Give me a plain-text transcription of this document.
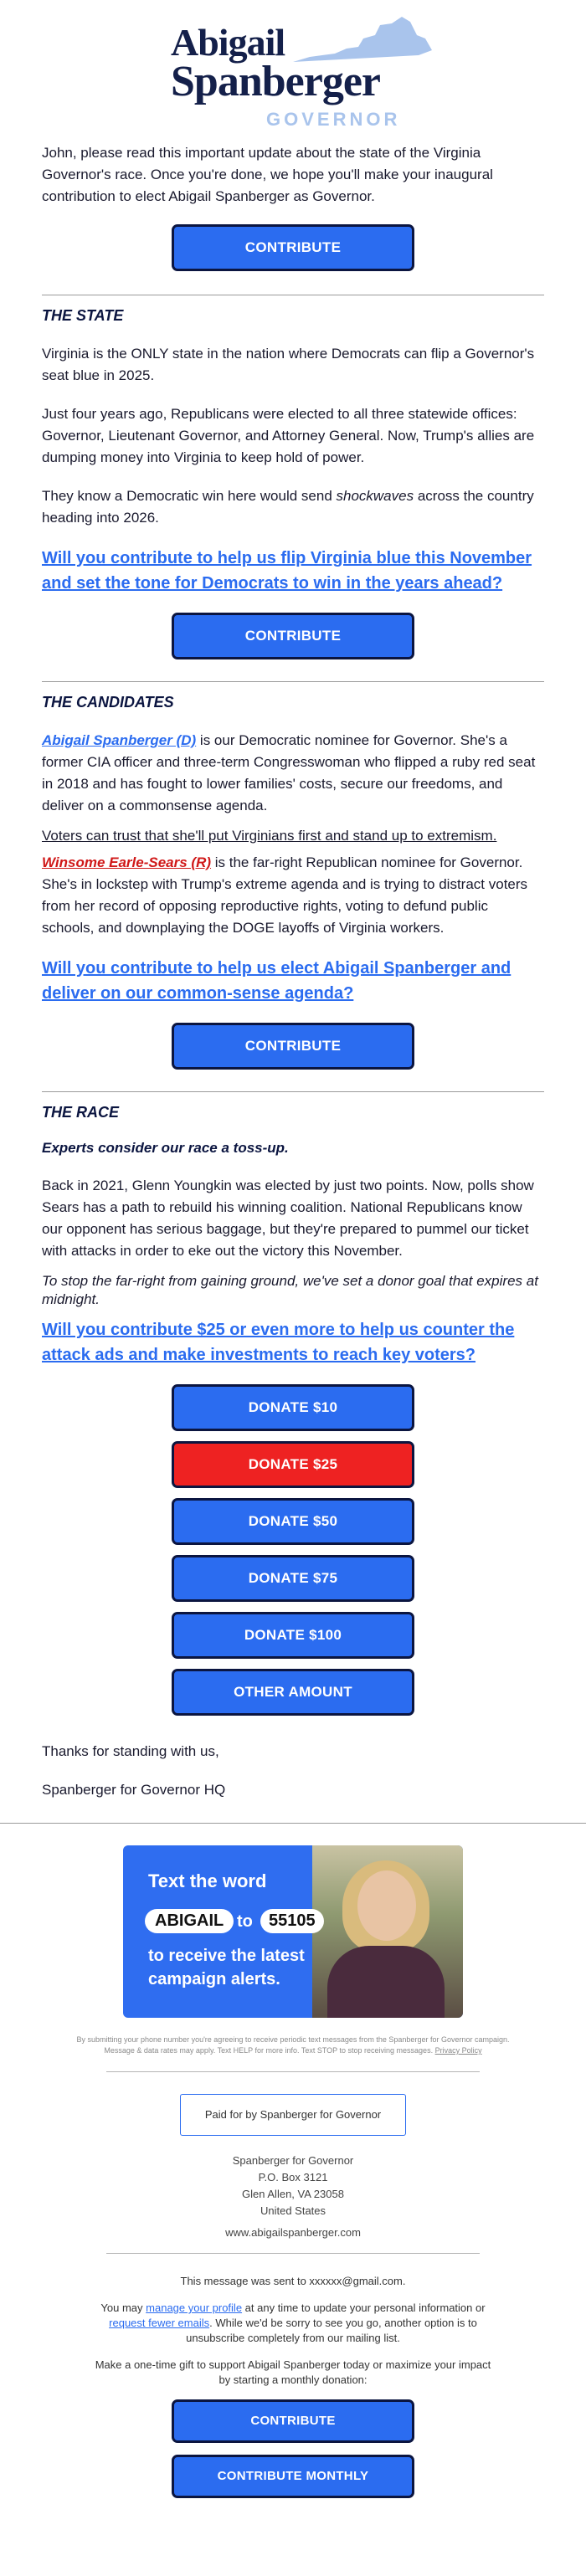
Abigail
Spanberger
GOVERNOR

John, please read this important update about the state of the Virginia Governor's race. Once you're done, we hope you'll make your inaugural contribution to elect Abigail Spanberger as Governor.

CONTRIBUTE
THE STATE

Virginia is the ONLY state in the nation where Democrats can flip a Governor's seat blue in 2025.

Just four years ago, Republicans were elected to all three statewide offices: Governor, Lieutenant Governor, and Attorney General. Now, Trump's allies are dumping money into Virginia to keep hold of power.

They know a Democratic win here would send shockwaves across the country heading into 2026.

Will you contribute to help us flip Virginia blue this November and set the tone for Democrats to win in the years ahead?
CONTRIBUTE
THE CANDIDATES

Abigail Spanberger (D) is our Democratic nominee for Governor. She's a former CIA officer and three-term Congresswoman who flipped a ruby red seat in 2018 and has fought to lower families' costs, secure our freedoms, and deliver on a commonsense agenda.

Voters can trust that she'll put Virginians first and stand up to extremism.

Winsome Earle-Sears (R) is the far-right Republican nominee for Governor. She's in lockstep with Trump's extreme agenda and is trying to distract voters from her record of opposing reproductive rights, voting to defund public schools, and downplaying the DOGE layoffs of Virginia workers.

Will you contribute to help us elect Abigail Spanberger and deliver on our common-sense agenda?
CONTRIBUTE
THE RACE
Experts consider our race a toss-up.

Back in 2021, Glenn Youngkin was elected by just two points. Now, polls show Sears has a path to rebuild his winning coalition. National Republicans know our opponent has serious baggage, but they're prepared to pummel our ticket with attacks in order to eke out the victory this November.

To stop the far-right from gaining ground, we've set a donor goal that expires at midnight.

Will you contribute $25 or even more to help us counter the attack ads and make investments to reach key voters?
DONATE $10
DONATE $25
DONATE $50
DONATE $75
DONATE $100
OTHER AMOUNT

Thanks for standing with us,

Spanberger for Governor HQ

Text the word
ABIGAIL to 55105
to receive the latest campaign alerts.
By submitting your phone number you're agreeing to receive periodic text messages from the Spanberger for Governor campaign.
Message & data rates may apply. Text HELP for more info. Text STOP to stop receiving messages. Privacy Policy
Paid for by Spanberger for Governor
Spanberger for Governor
P.O. Box 3121
Glen Allen, VA 23058
United States
www.abigailspanberger.com

This message was sent to xxxxxx@gmail.com.

You may manage your profile at any time to update your personal information or request fewer emails. While we'd be sorry to see you go, another option is to unsubscribe completely from our mailing list.

Make a one-time gift to support Abigail Spanberger today or maximize your impact by starting a monthly donation:

CONTRIBUTE
CONTRIBUTE MONTHLY
